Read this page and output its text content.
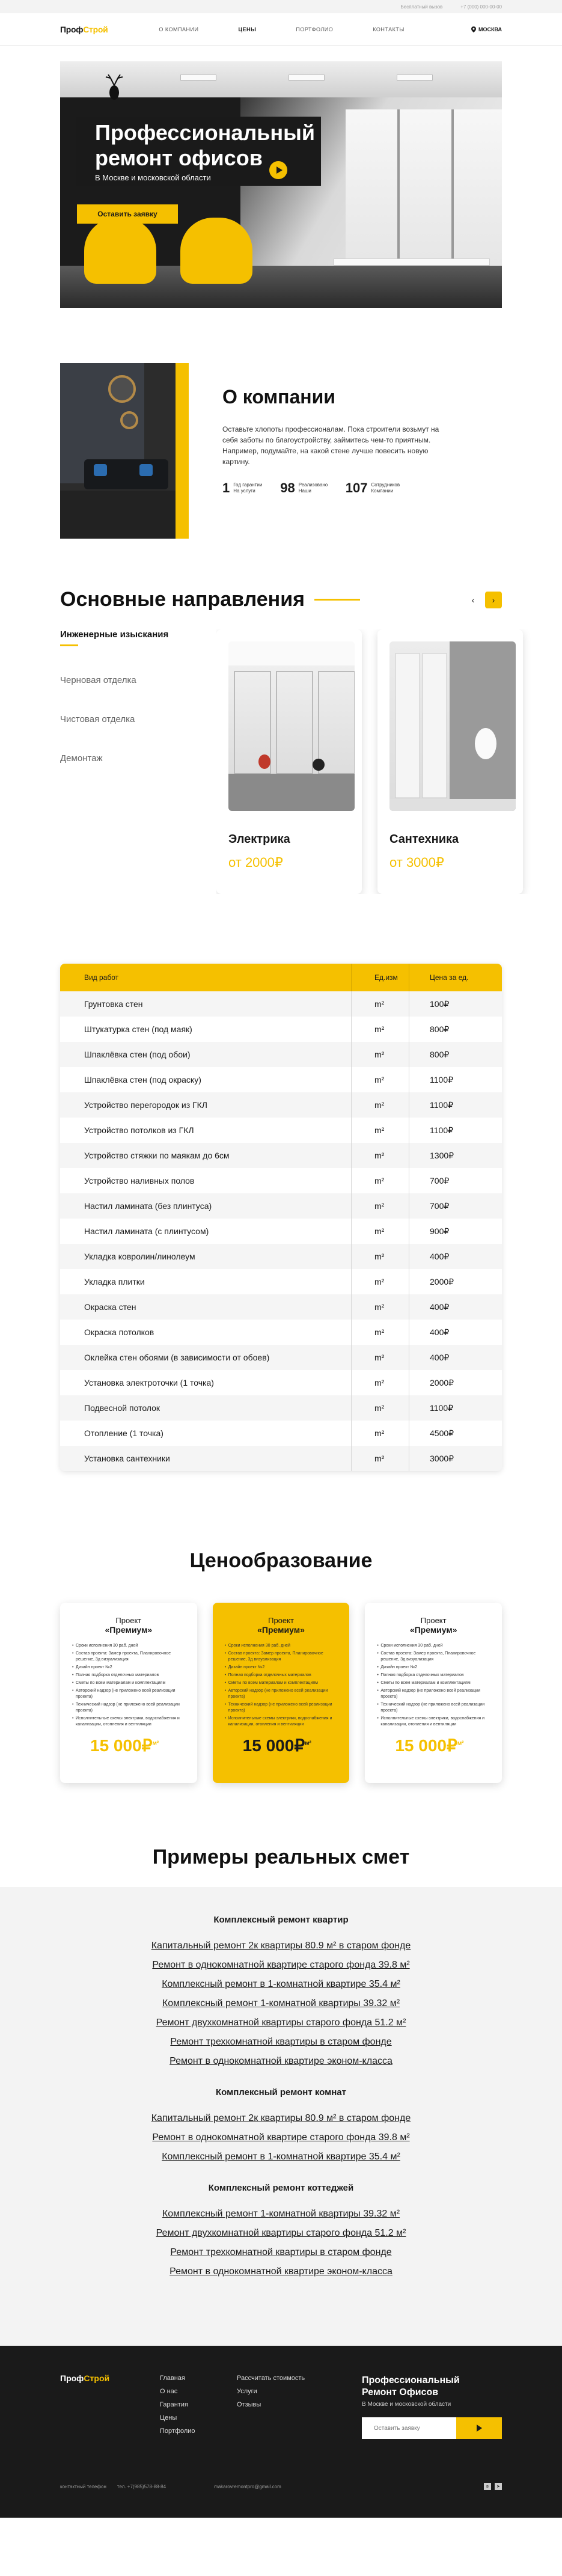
Бесплатный вызов	+7 (000) 000-00-00
ПрофСтрой	О КОМПАНИИ	ЦЕНЫ	ПОРТФОЛИО	КОНТАКТЫ	МОСКВА
Профессиональный
ремонт офисов
В Москве и московской области
Оставить заявку
О компании
Оставьте хлопоты профессионалам. Пока строители возьмут на себя заботы по благоустройству, займитесь чем-то приятным. Например, подумайте, на какой стене лучше повесить новую картину.
1 Год гарантии На услуги	98 Реализовано Наши	107 Сотрудников Компании
Основные направления	‹	›
Инженерные изыскания
Черновая отделка
Чистовая отделка
Демонтаж
Электрика
от 2000₽
Сантехника
от 3000₽
Вид работ	Ед.изм	Цена за ед.
Грунтовка стен	m²	100₽
Штукатурка стен (под маяк)	m²	800₽
Шпаклёвка стен (под обои)	m²	800₽
Шпаклёвка стен (под окраску)	m²	1100₽
Устройство перегородок из ГКЛ	m²	1100₽
Устройство потолков из ГКЛ	m²	1100₽
Устройство стяжки по маякам до 6см	m²	1300₽
Устройство наливных полов	m²	700₽
Настил ламината (без плинтуса)	m²	700₽
Настил ламината (с плинтусом)	m²	900₽
Укладка ковролин/линолеум	m²	400₽
Укладка плитки	m²	2000₽
Окраска стен	m²	400₽
Окраска потолков	m²	400₽
Оклейка стен обоями (в зависимости от обоев)	m²	400₽
Установка электроточки (1 точка)	m²	2000₽
Подвесной потолок	m²	1100₽
Отопление (1 точка)	m²	4500₽
Установка сантехники	m²	3000₽
Ценообразование
Проект
«Премиум»
• Сроки исполнения 30 раб. дней
• Состав проекта: Замер проекта, Планировочное решение, 3д визуализация
• Дизайн проект №2
• Полная подборка отделочных материалов
• Сметы по всем материалам и комплектациям
• Авторский надзор (не приложено всей реализации проекта)
• Технический надзор (не приложено всей реализации проекта)
• Исполнительные схемы электрики, водоснабжения и канализации, отопления и вентиляции
15 000₽$^{м^2}$
Проект
«Премиум»
• Сроки исполнения 30 раб. дней
• Состав проекта: Замер проекта, Планировочное решение, 3д визуализация
• Дизайн проект №2
• Полная подборка отделочных материалов
• Сметы по всем материалам и комплектациям
• Авторский надзор (не приложено всей реализации проекта)
• Технический надзор (не приложено всей реализации проекта)
• Исполнительные схемы электрики, водоснабжения и канализации, отопления и вентиляции
15 000₽$^{м^2}$
Проект
«Премиум»
• Сроки исполнения 30 раб. дней
• Состав проекта: Замер проекта, Планировочное решение, 3д визуализация
• Дизайн проект №2
• Полная подборка отделочных материалов
• Сметы по всем материалам и комплектациям
• Авторский надзор (не приложено всей реализации проекта)
• Технический надзор (не приложено всей реализации проекта)
• Исполнительные схемы электрики, водоснабжения и канализации, отопления и вентиляции
15 000₽$^{м^2}$
Примеры реальных смет
Комплексный ремонт квартир
Капитальный ремонт 2к квартиры 80.9 м² в старом фонде
Ремонт в однокомнатной квартире старого фонда 39.8 м²
Комплексный ремонт в 1-комнатной квартире 35.4 м²
Комплексный ремонт 1-комнатной квартиры 39.32 м²
Ремонт двухкомнатной квартиры старого фонда 51.2 м²
Ремонт трехкомнатной квартиры в старом фонде
Ремонт в однокомнатной квартире эконом-класса
Комплексный ремонт комнат
Капитальный ремонт 2к квартиры 80.9 м² в старом фонде
Ремонт в однокомнатной квартире старого фонда 39.8 м²
Комплексный ремонт в 1-комнатной квартире 35.4 м²
Комплексный ремонт коттеджей
Комплексный ремонт 1-комнатной квартиры 39.32 м²
Ремонт двухкомнатной квартиры старого фонда 51.2 м²
Ремонт трехкомнатной квартиры в старом фонде
Ремонт в однокомнатной квартире эконом-класса
ПрофСтрой	Главная
О нас
Гарантия
Цены
Портфолио
Рассчитать стоимость
Услуги
Отзывы
Профессиональный
Ремонт Офисов
В Москве и московской области
Оставить заявку
контактный телефон тел. +7(985)578-88-84	makarovremontpro@gmail.com	в	➤
